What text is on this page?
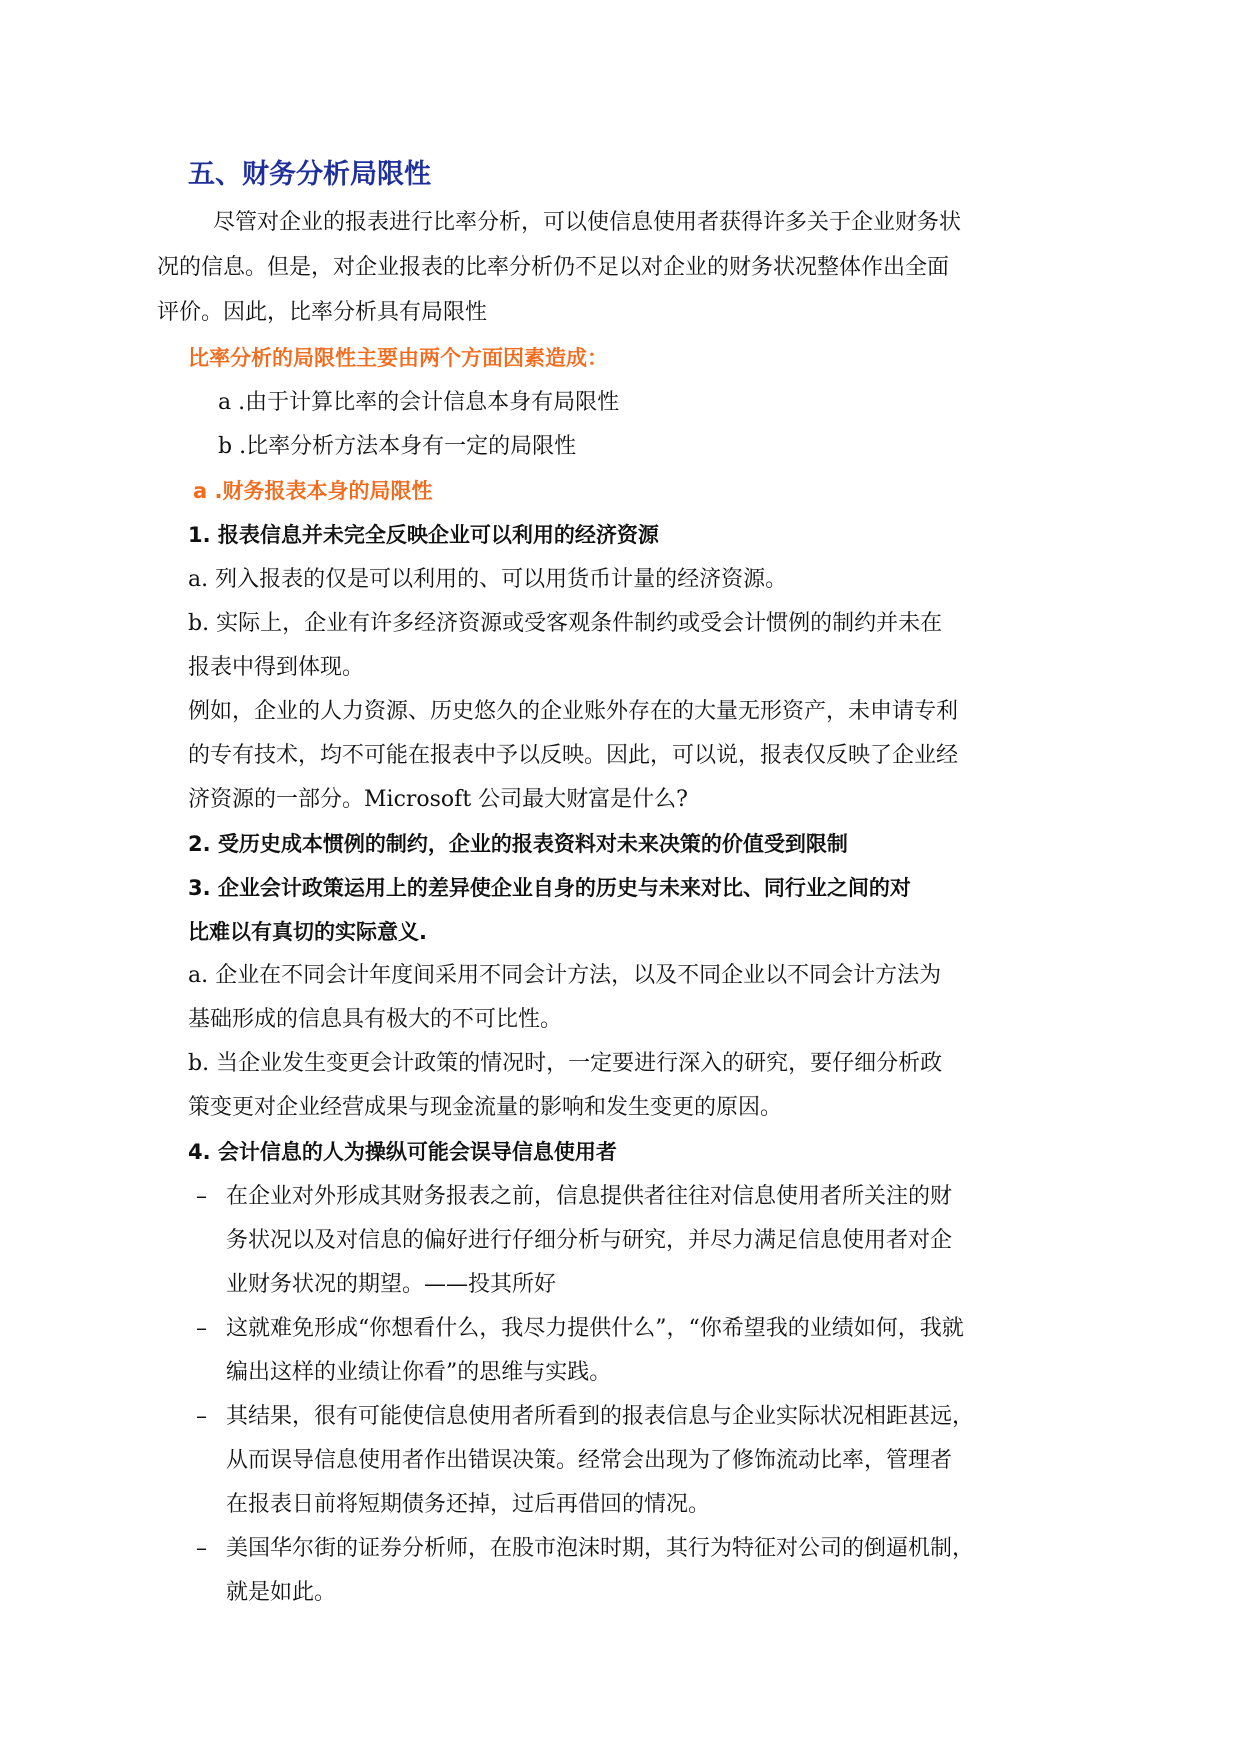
五、财务分析局限性
尽管对企业的报表进行比率分析，可以使信息使用者获得许多关于企业财务状
况的信息。但是，对企业报表的比率分析仍不足以对企业的财务状况整体作出全面
评价。因此，比率分析具有局限性
比率分析的局限性主要由两个方面因素造成：
a .由于计算比率的会计信息本身有局限性
b .比率分析方法本身有一定的局限性
a .财务报表本身的局限性
1. 报表信息并未完全反映企业可以利用的经济资源
a. 列入报表的仅是可以利用的、可以用货币计量的经济资源。
b. 实际上，企业有许多经济资源或受客观条件制约或受会计惯例的制约并未在
报表中得到体现。
例如，企业的人力资源、历史悠久的企业账外存在的大量无形资产，未申请专利
的专有技术，均不可能在报表中予以反映。因此，可以说，报表仅反映了企业经
济资源的一部分。Microsoft 公司最大财富是什么?
2. 受历史成本惯例的制约，企业的报表资料对未来决策的价值受到限制
3. 企业会计政策运用上的差异使企业自身的历史与未来对比、同行业之间的对
比难以有真切的实际意义.
a. 企业在不同会计年度间采用不同会计方法，以及不同企业以不同会计方法为
基础形成的信息具有极大的不可比性。
b. 当企业发生变更会计政策的情况时，一定要进行深入的研究，要仔细分析政
策变更对企业经营成果与现金流量的影响和发生变更的原因。
4. 会计信息的人为操纵可能会误导信息使用者
– 在企业对外形成其财务报表之前，信息提供者往往对信息使用者所关注的财
务状况以及对信息的偏好进行仔细分析与研究，并尽力满足信息使用者对企
业财务状况的期望。——投其所好
– 这就难免形成“你想看什么，我尽力提供什么”，“你希望我的业绩如何，我就
编出这样的业绩让你看”的思维与实践。
– 其结果，很有可能使信息使用者所看到的报表信息与企业实际状况相距甚远，
从而误导信息使用者作出错误决策。经常会出现为了修饰流动比率，管理者
在报表日前将短期债务还掉，过后再借回的情况。
– 美国华尔街的证券分析师，在股市泡沫时期，其行为特征对公司的倒逼机制，
就是如此。
